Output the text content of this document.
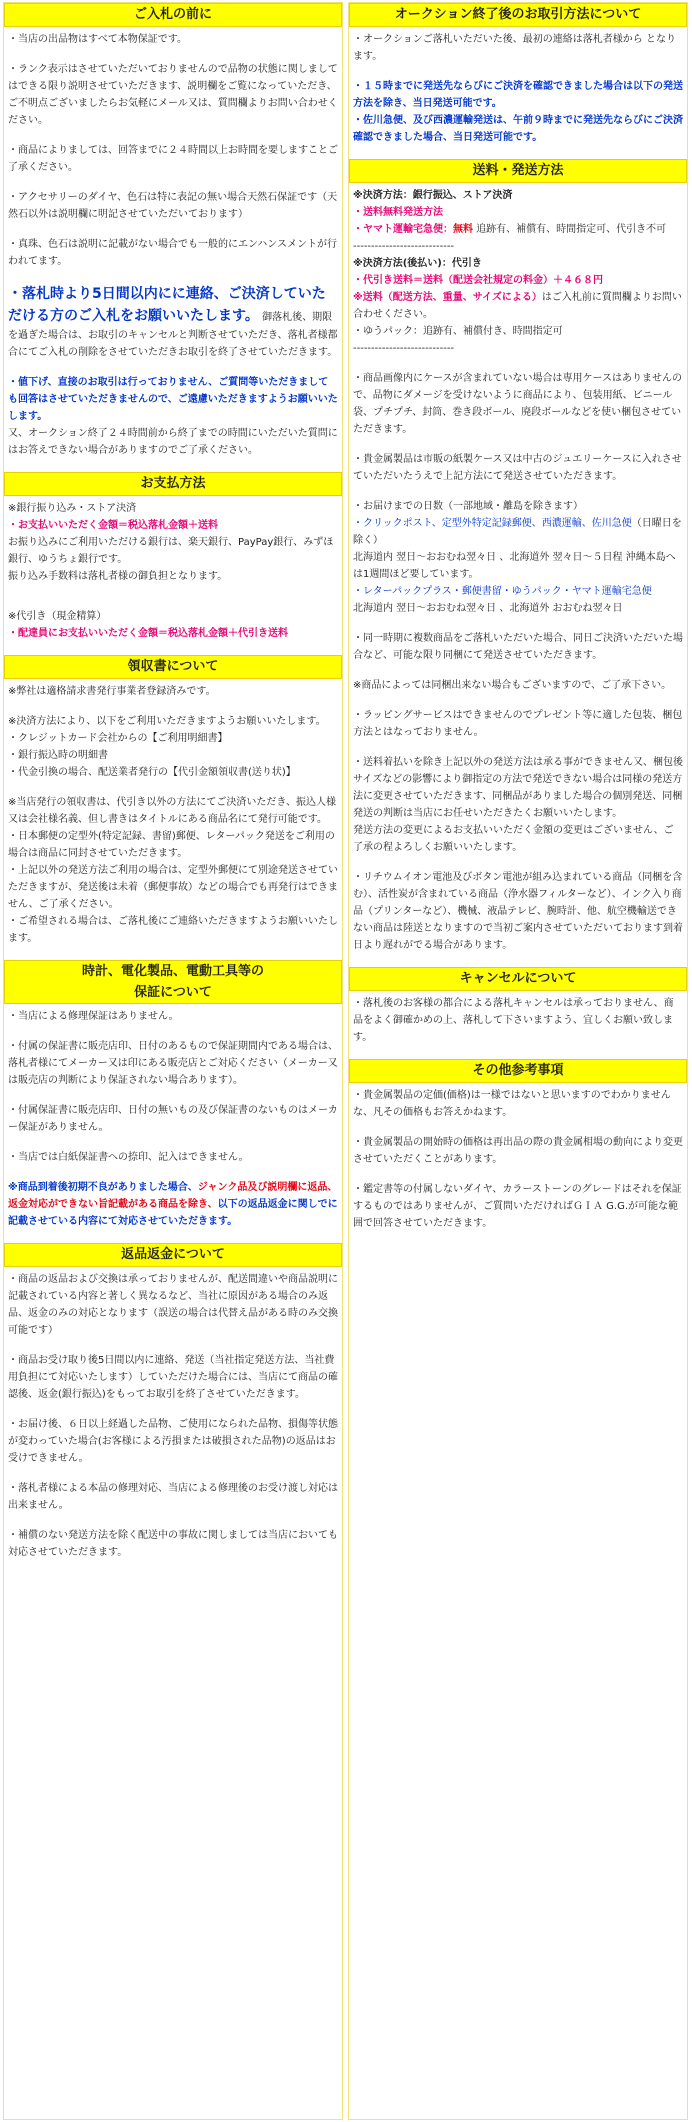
ご入札の前に
・当店の出品物はすべて本物保証です。
・ランク表示はさせていただいておりませんので品物の状態に関しましてはできる限り説明させていただきます、説明欄をご覧になっていただき、ご不明点ございましたらお気軽にメール又は、質問欄よりお問い合わせください。
・商品によりましては、回答までに２４時間以上お時間を要しますことご了承ください。
・アクセサリーのダイヤ、色石は特に表記の無い場合天然石保証です（天然石以外は説明欄に明記させていただいております）
・真珠、色石は説明に記載がない場合でも一般的にエンハンスメントが行われてます。
・落札時より5日間以内にに連絡、ご決済していただける方のご入札をお願いいたします。 御落札後、期限を過ぎた場合は、お取引のキャンセルと判断させていただき、落札者様都合にてご入札の削除をさせていただきお取引を終了させていただきます。
・値下げ、直接のお取引は行っておりません、ご質問等いただきましても回答はさせていただきませんので、ご遠慮いただきますようお願いいたします。
又、オークション終了２４時間前から終了までの時間にいただいた質問にはお答えできない場合がありますのでご了承ください。
お支払方法
※銀行振り込み・ストア決済
・お支払いいただく金額＝税込落札金額＋送料
お振り込みにご利用いただける銀行は、楽天銀行、PayPay銀行、みずほ銀行、ゆうちょ銀行です。
振り込み手数料は落札者様の御負担となります。
※代引き（現金精算）
・配達員にお支払いいただく金額＝税込落札金額＋代引き送料
領収書について
※弊社は適格請求書発行事業者登録済みです。
※決済方法により、以下をご利用いただきますようお願いいたします。
・クレジットカード会社からの【ご利用明細書】
・銀行振込時の明細書
・代金引換の場合、配送業者発行の【代引金額領収書(送り状)】
※当店発行の領収書は、代引き以外の方法にてご決済いただき、振込人様又は会社様名義、但し書きはタイトルにある商品名にて発行可能です。
・日本郵便の定型外(特定記録、書留)郵便、レターパック発送をご利用の場合は商品に同封させていただきます。
・上記以外の発送方法ご利用の場合は、定型外郵便にて別途発送させていただきますが、発送後は未着（郵便事故）などの場合でも再発行はできません、ご了承ください。
・ご希望される場合は、ご落札後にご連絡いただきますようお願いいたします。
時計、電化製品、電動工具等の
保証について
・当店による修理保証はありません。
・付属の保証書に販売店印、日付のあるもので保証期間内である場合は、落札者様にてメーカー又は印にある販売店とご対応ください（メーカー又は販売店の判断により保証されない場合あります）。
・付属保証書に販売店印、日付の無いもの及び保証書のないものはメーカー保証がありません。
・当店では白紙保証書への捺印、記入はできません。
※商品到着後初期不良がありました場合、ジャンク品及び説明欄に返品、返金対応ができない旨記載がある商品を除き、以下の返品返金に関しでに記載させている内容にて対応させていただきます。
返品返金について
・商品の返品および交換は承っておりませんが、配送間違いや商品説明に記載されている内容と著しく異なるなど、当社に原因がある場合のみ返品、返金のみの対応となります（誤送の場合は代替え品がある時のみ交換可能です）
・商品お受け取り後5日間以内に連絡、発送（当社指定発送方法、当社費用負担にて対応いたします）していただけた場合には、当店にて商品の確認後、返金(銀行振込)をもってお取引を終了させていただきます。
・お届け後、６日以上経過した品物、ご使用になられた品物、損傷等状態が変わっていた場合(お客様による汚損または破損された品物)の返品はお受けできません。
・落札者様による本品の修理対応、当店による修理後のお受け渡し対応は出来ません。
・補償のない発送方法を除く配送中の事故に関しましては当店においても対応させていただきます。
オークション終了後のお取引方法について
・オークションご落札いただいた後、最初の連絡は落札者様から となります。
・１５時までに発送先ならびにご決済を確認できました場合は以下の発送方法を除き、当日発送可能です。
・佐川急便、及び西濃運輸発送は、午前９時までに発送先ならびにご決済確認できました場合、当日発送可能です。
送料・発送方法
※決済方法：銀行振込、ストア決済
・送料無料発送方法
・ヤマト運輸宅急便：無料 追跡有、補償有、時間指定可、代引き不可
----------------------------
※決済方法(後払い)：代引き
・代引き送料＝送料（配送会社規定の料金）＋４６８円
※送料（配送方法、重量、サイズによる）はご入札前に質問欄よりお問い合わせください。
・ゆうパック：追跡有、補償付き、時間指定可
----------------------------
・商品画像内にケースが含まれていない場合は専用ケースはありませんので、品物にダメージを受けないように商品により、包装用紙、ビニール袋、プチプチ、封筒、巻き段ボール、廃段ボールなどを使い梱包させていただきます。
・貴金属製品は市販の紙製ケース又は中古のジュエリーケースに入れさせていただいたうえで上記方法にて発送させていただきます。
・お届けまでの日数（一部地域・離島を除きます）
・クリックポスト、定型外特定記録郵便、西濃運輸、佐川急便（日曜日を除く）
北海道内 翌日〜おおむね翌々日 、北海道外 翌々日〜５日程 沖縄本島へは1週間ほど要しています。
・レターパックプラス・郵便書留・ゆうパック・ヤマト運輸宅急便
北海道内 翌日〜おおむね翌々日 、北海道外 おおむね翌々日
・同一時期に複数商品をご落札いただいた場合、同日ご決済いただいた場合など、可能な限り同梱にて発送させていただきます。
※商品によっては同梱出来ない場合もございますので、ご了承下さい。
・ラッピングサービスはできませんのでプレゼント等に適した包装、梱包方法とはなっておりません。
・送料着払いを除き上記以外の発送方法は承る事ができません又、梱包後サイズなどの影響により御指定の方法で発送できない場合は同様の発送方法に変更させていただきます、同梱品がありました場合の個別発送、同梱発送の判断は当店にお任せいただきたくお願いいたします。
発送方法の変更によるお支払いいただく金額の変更はございません、ご了承の程よろしくお願いいたします。
・リチウムイオン電池及びボタン電池が組み込まれている商品（同梱を含む）、活性炭が含まれている商品（浄水器フィルターなど）、インク入り商品（プリンターなど）、機械、液晶テレビ、腕時計、他、航空機輸送できない商品は陸送となりますので当初ご案内させていただいております到着日より遅れがでる場合があります。
キャンセルについて
・落札後のお客様の都合による落札キャンセルは承っておりません、商品をよく御確かめの上、落札して下さいますよう、宜しくお願い致します。
その他参考事項
・貴金属製品の定価(価格)は一様ではないと思いますのでわかりませんな、凡その価格もお答えかねます。
・貴金属製品の開始時の価格は再出品の際の貴金属相場の動向により変更させていただくことがあります。
・鑑定書等の付属しないダイヤ、カラーストーンのグレードはそれを保証するものではありませんが、ご質問いただければＧＩＡ G.G.が可能な範囲で回答させていただきます。
